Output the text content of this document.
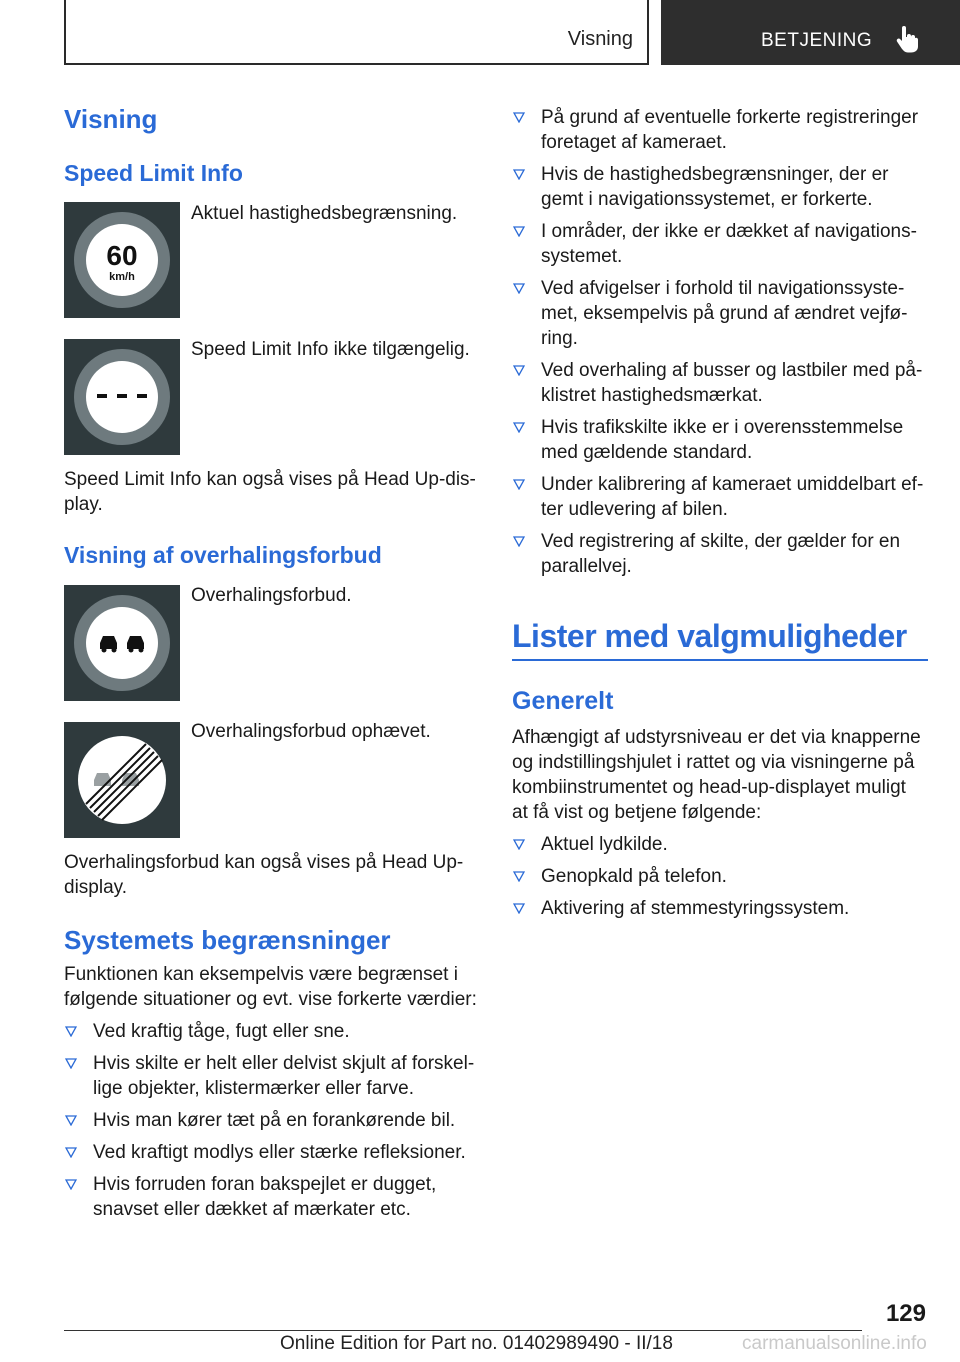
Visning	BETJENING
Visning
Speed Limit Info
60
km/h

Aktuel hastighedsbegrænsning.

Speed Limit Info ikke tilgængelig.

Speed Limit Info kan også vises på Head Up-dis-

play.

Visning af overhalingsforbud

Overhalingsforbud.

Overhalingsforbud ophævet.

Overhalingsforbud kan også vises på Head Up-

display.

Systemets begrænsninger

Funktionen kan eksempelvis være begrænset i

følgende situationer og evt. vise forkerte værdier:

Ved kraftig tåge, fugt eller sne.
Hvis skilte er helt eller delvist skjult af forskel-
lige objekter, klistermærker eller farve.
Hvis man kører tæt på en forankørende bil.
Ved kraftigt modlys eller stærke refleksioner.
Hvis forruden foran bakspejlet er dugget,
snavset eller dækket af mærkater etc.
På grund af eventuelle forkerte registreringer
foretaget af kameraet.
Hvis de hastighedsbegrænsninger, der er
gemt i navigationssystemet, er forkerte.
I områder, der ikke er dækket af navigations-
systemet.
Ved afvigelser i forhold til navigationssyste-
met, eksempelvis på grund af ændret vejfø-
ring.
Ved overhaling af busser og lastbiler med på-
klistret hastighedsmærkat.
Hvis trafikskilte ikke er i overensstemmelse
med gældende standard.
Under kalibrering af kameraet umiddelbart ef-
ter udlevering af bilen.
Ved registrering af skilte, der gælder for en
parallelvej.
Lister med valgmuligheder
Generelt
Afhængigt af udstyrsniveau er det via knapperne
og indstillingshjulet i rattet og via visningerne på
kombiinstrumentet og head-up-displayet muligt
at få vist og betjene følgende:
Aktuel lydkilde.
Genopkald på telefon.
Aktivering af stemmestyringssystem.
129
Online Edition for Part no. 01402989490 - II/18	carmanualsonline.info
